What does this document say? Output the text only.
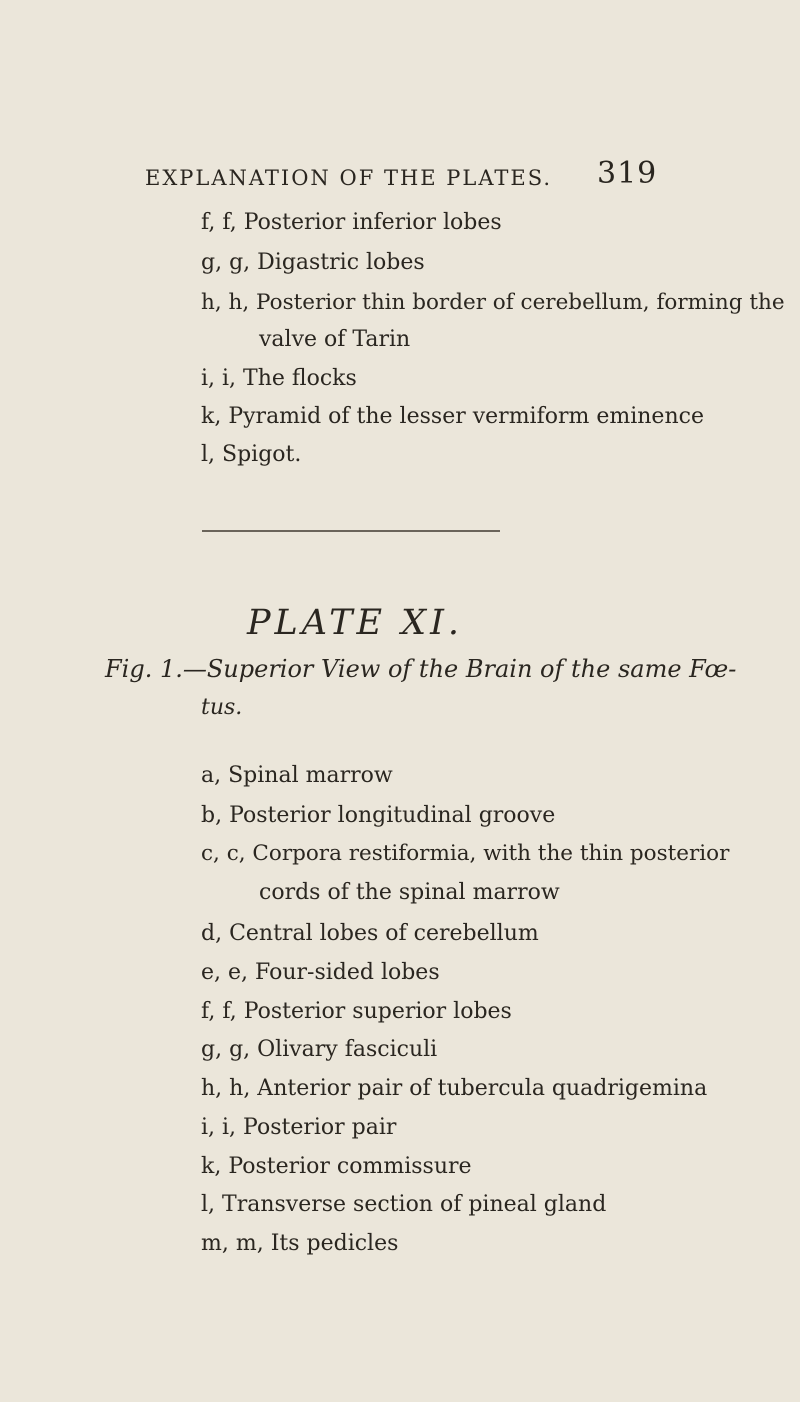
EXPLANATION OF THE PLATES. 319
f, f, Posterior inferior lobes
g, g, Digastric lobes
h, h, Posterior thin border of cerebellum, forming the
valve of Tarin
i, i, The flocks
k, Pyramid of the lesser vermiform eminence
l, Spigot.
PLATE XI.
Fig. 1.—Superior View of the Brain of the same Fœ-
tus.
a, Spinal marrow
b, Posterior longitudinal groove
c, c, Corpora restiformia, with the thin posterior
cords of the spinal marrow
d, Central lobes of cerebellum
e, e, Four-sided lobes
f, f, Posterior superior lobes
g, g, Olivary fasciculi
h, h, Anterior pair of tubercula quadrigemina
i, i, Posterior pair
k, Posterior commissure
l, Transverse section of pineal gland
m, m, Its pedicles
